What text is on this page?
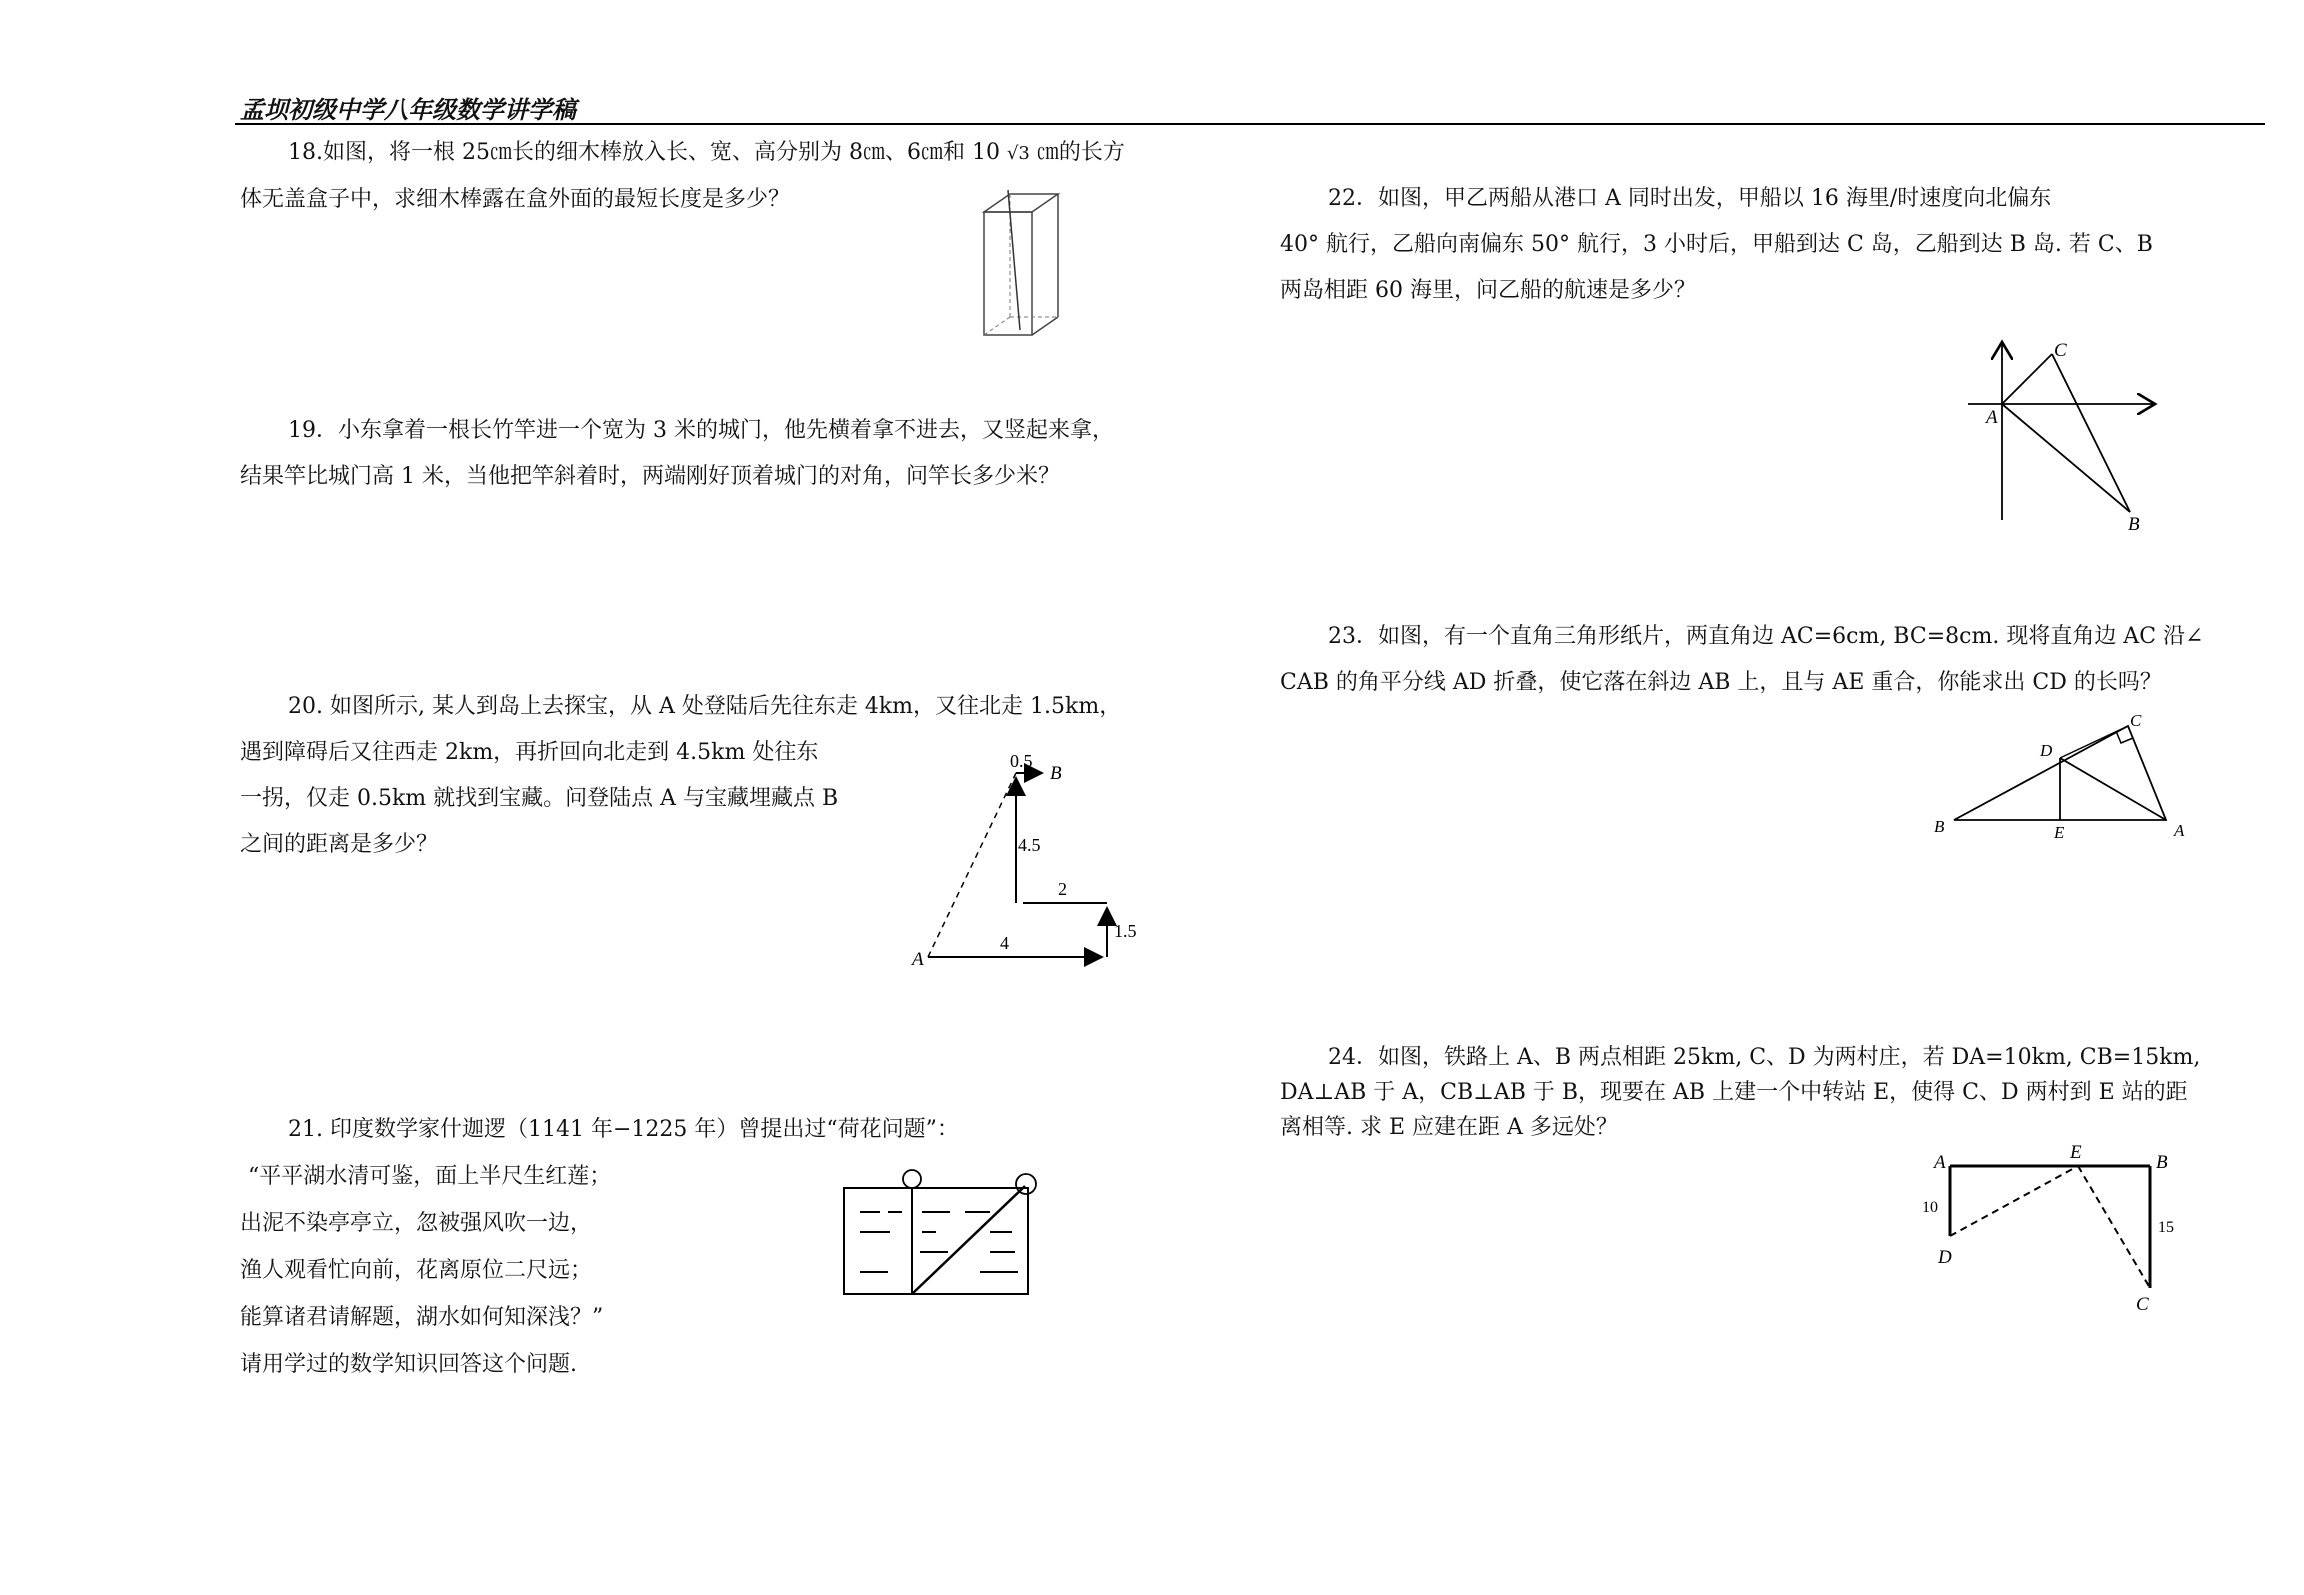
孟坝初级中学八年级数学讲学稿

18.如图，将一根 25㎝长的细木棒放入长、宽、高分别为 8㎝、6㎝和 10 √3 ㎝的长方

体无盖盒子中，求细木棒露在盒外面的最短长度是多少？

19．小东拿着一根长竹竿进一个宽为 3 米的城门，他先横着拿不进去，又竖起来拿，

结果竿比城门高 1 米，当他把竿斜着时，两端刚好顶着城门的对角，问竿长多少米？

20. 如图所示, 某人到岛上去探宝，从 A 处登陆后先往东走 4km，又往北走 1.5km，

遇到障碍后又往西走 2km，再折回向北走到 4.5km 处往东

一拐，仅走 0.5km 就找到宝藏。问登陆点 A 与宝藏埋藏点 B

之间的距离是多少？

A
B
4
1.5
2
4.5
0.5

21. 印度数学家什迦逻（1141 年−1225 年）曾提出过“荷花问题”：

“平平湖水清可鉴，面上半尺生红莲；

出泥不染亭亭立，忽被强风吹一边，

渔人观看忙向前，花离原位二尺远；

能算诸君请解题，湖水如何知深浅？”

请用学过的数学知识回答这个问题.

22．如图，甲乙两船从港口 A 同时出发，甲船以 16 海里/时速度向北偏东

40° 航行，乙船向南偏东 50° 航行，3 小时后，甲船到达 C 岛，乙船到达 B 岛. 若 C、B

两岛相距 60 海里，问乙船的航速是多少？

A
C
B

23．如图，有一个直角三角形纸片，两直角边 AC=6cm, BC=8cm. 现将直角边 AC 沿∠

CAB 的角平分线 AD 折叠，使它落在斜边 AB 上，且与 AE 重合，你能求出 CD 的长吗？

B	A
C
D
E

24．如图，铁路上 A、B 两点相距 25km, C、D 为两村庄，若 DA=10km, CB=15km,

DA⊥AB 于 A，CB⊥AB 于 B，现要在 AB 上建一个中转站 E，使得 C、D 两村到 E 站的距

离相等. 求 E 应建在距 A 多远处？

A	B
E
D
C
10
15
